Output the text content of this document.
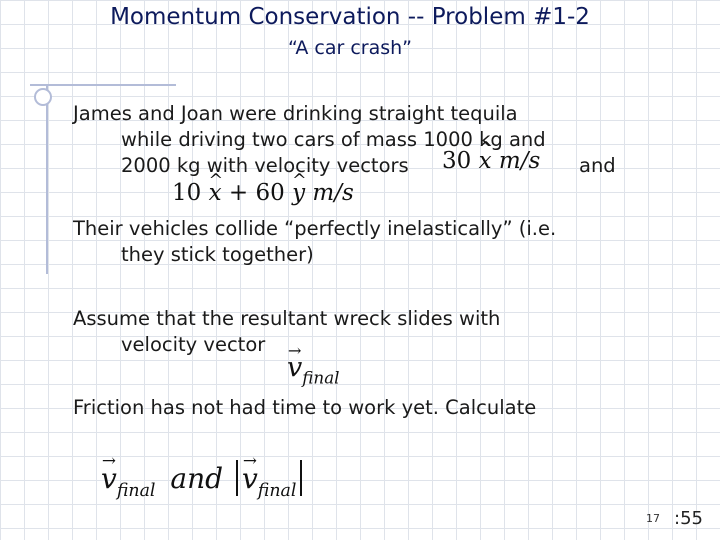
Momentum Conservation -- Problem #1-2
“A car crash”
James and Joan were drinking straight tequila
while driving two cars of mass 1000 kg and
2000 kg with velocity vectors 30 ^ x m/s and
10 ^ x + 60 ^ y m/s
Their vehicles collide “perfectly inelastically” (i.e.
they stick together)
Assume that the resultant wreck slides with
velocity vector
→ $v_{final}$
Friction has not had time to work yet. Calculate
→ $v_{final}$ and → $v_{final}$
17 :55
